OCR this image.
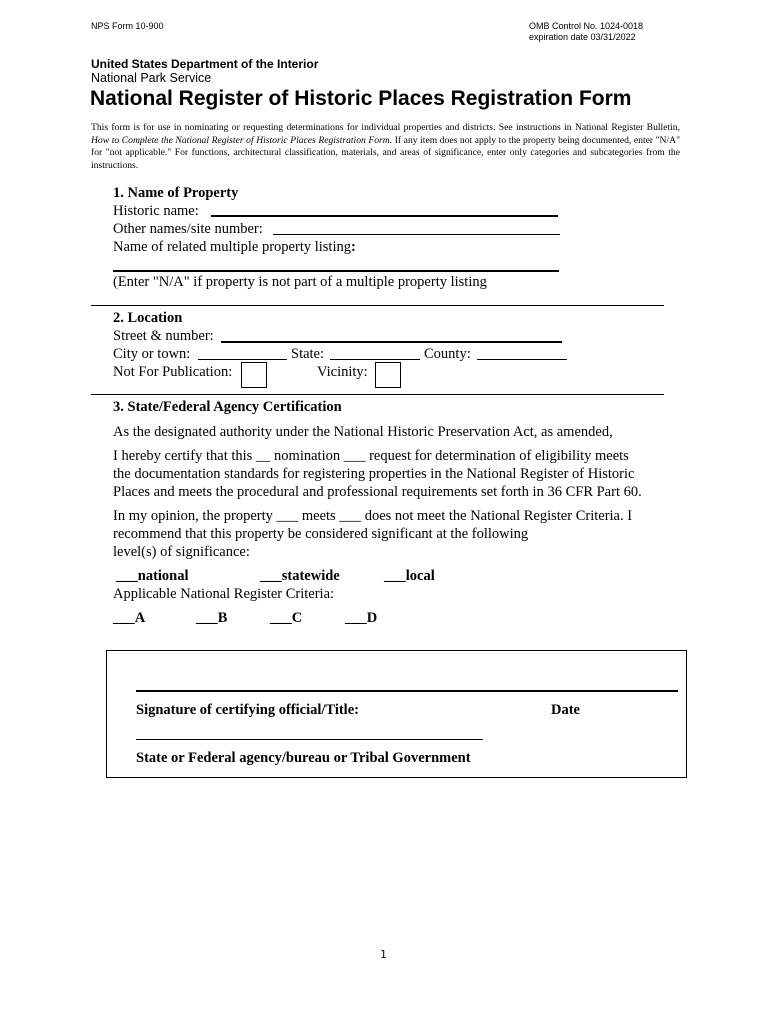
NPS Form 10-900	OMB Control No. 1024-0018
expiration date 03/31/2022
United States Department of the Interior
National Park Service
National Register of Historic Places Registration Form
This form is for use in nominating or requesting determinations for individual properties and districts. See instructions in National Register Bulletin, How to Complete the National Register of Historic Places Registration Form. If any item does not apply to the property being documented, enter "N/A" for "not applicable." For functions, architectural classification, materials, and areas of significance, enter only categories and subcategories from the instructions.
1. Name of Property
Historic name:
Other names/site number:
Name of related multiple property listing:
(Enter "N/A" if property is not part of a multiple property listing
2. Location
Street & number:
City or town:	State:	County:
Not For Publication:	Vicinity:
3. State/Federal Agency Certification
As the designated authority under the National Historic Preservation Act, as amended,
I hereby certify that this __ nomination ___ request for determination of eligibility meets
the documentation standards for registering properties in the National Register of Historic
Places and meets the procedural and professional requirements set forth in 36 CFR Part 60.
In my opinion, the property ___ meets ___ does not meet the National Register Criteria. I
recommend that this property be considered significant at the following
level(s) of significance:
___national	___statewide	___local
Applicable National Register Criteria:
___A	___B	___C	___D
Signature of certifying official/Title:	Date
State or Federal agency/bureau or Tribal Government
1
